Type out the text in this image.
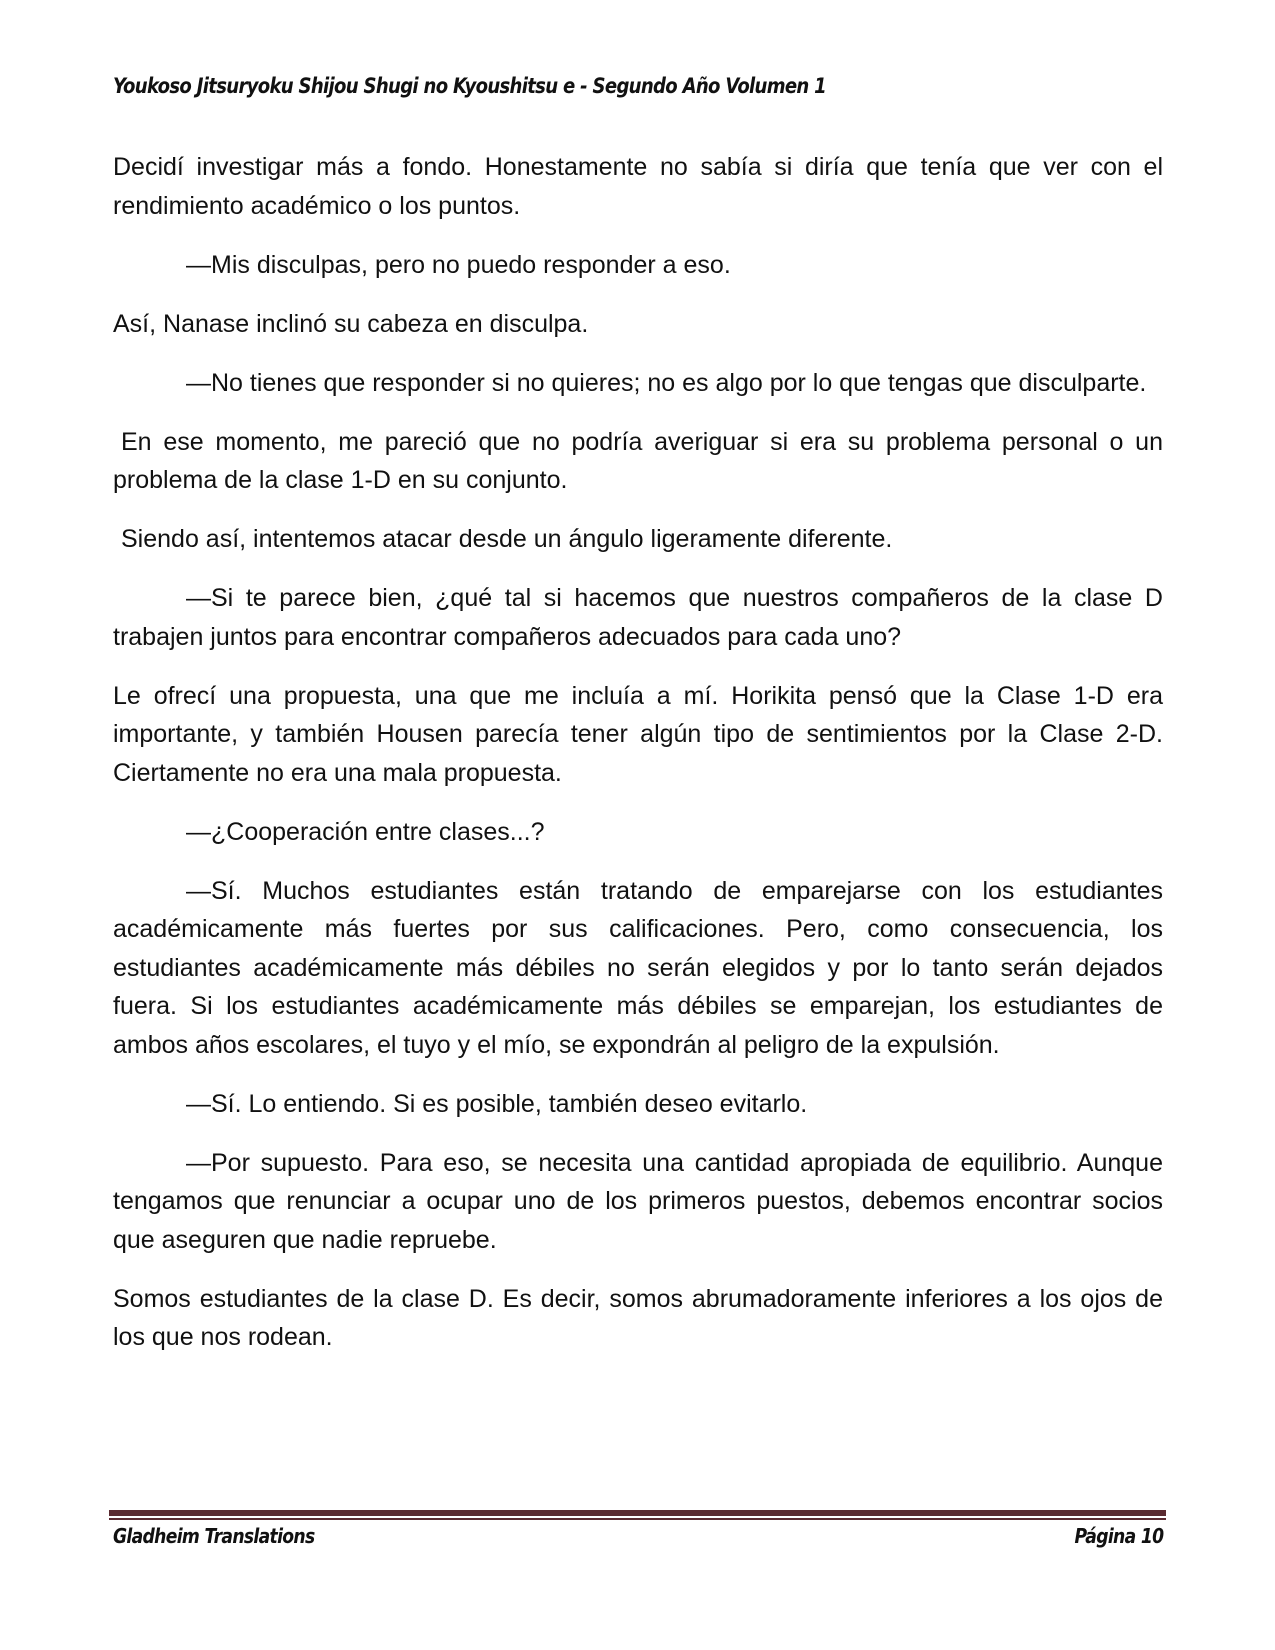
Youkoso Jitsuryoku Shijou Shugi no Kyoushitsu e - Segundo Año Volumen 1

Decidí investigar más a fondo. Honestamente no sabía si diría que tenía que ver con el rendimiento académico o los puntos.

—Mis disculpas, pero no puedo responder a eso.

Así, Nanase inclinó su cabeza en disculpa.

—No tienes que responder si no quieres; no es algo por lo que tengas que disculparte.

En ese momento, me pareció que no podría averiguar si era su problema personal o un problema de la clase 1-D en su conjunto.

Siendo así, intentemos atacar desde un ángulo ligeramente diferente.

—Si te parece bien, ¿qué tal si hacemos que nuestros compañeros de la clase D trabajen juntos para encontrar compañeros adecuados para cada uno?

Le ofrecí una propuesta, una que me incluía a mí. Horikita pensó que la Clase 1-D era importante, y también Housen parecía tener algún tipo de sentimientos por la Clase 2-D. Ciertamente no era una mala propuesta.

—¿Cooperación entre clases...?

—Sí. Muchos estudiantes están tratando de emparejarse con los estudiantes académicamente más fuertes por sus calificaciones. Pero, como consecuencia, los estudiantes académicamente más débiles no serán elegidos y por lo tanto serán dejados fuera. Si los estudiantes académicamente más débiles se emparejan, los estudiantes de ambos años escolares, el tuyo y el mío, se expondrán al peligro de la expulsión.

—Sí. Lo entiendo. Si es posible, también deseo evitarlo.

—Por supuesto. Para eso, se necesita una cantidad apropiada de equilibrio. Aunque tengamos que renunciar a ocupar uno de los primeros puestos, debemos encontrar socios que aseguren que nadie repruebe.

Somos estudiantes de la clase D. Es decir, somos abrumadoramente inferiores a los ojos de los que nos rodean.

Gladheim Translations	Página 10
